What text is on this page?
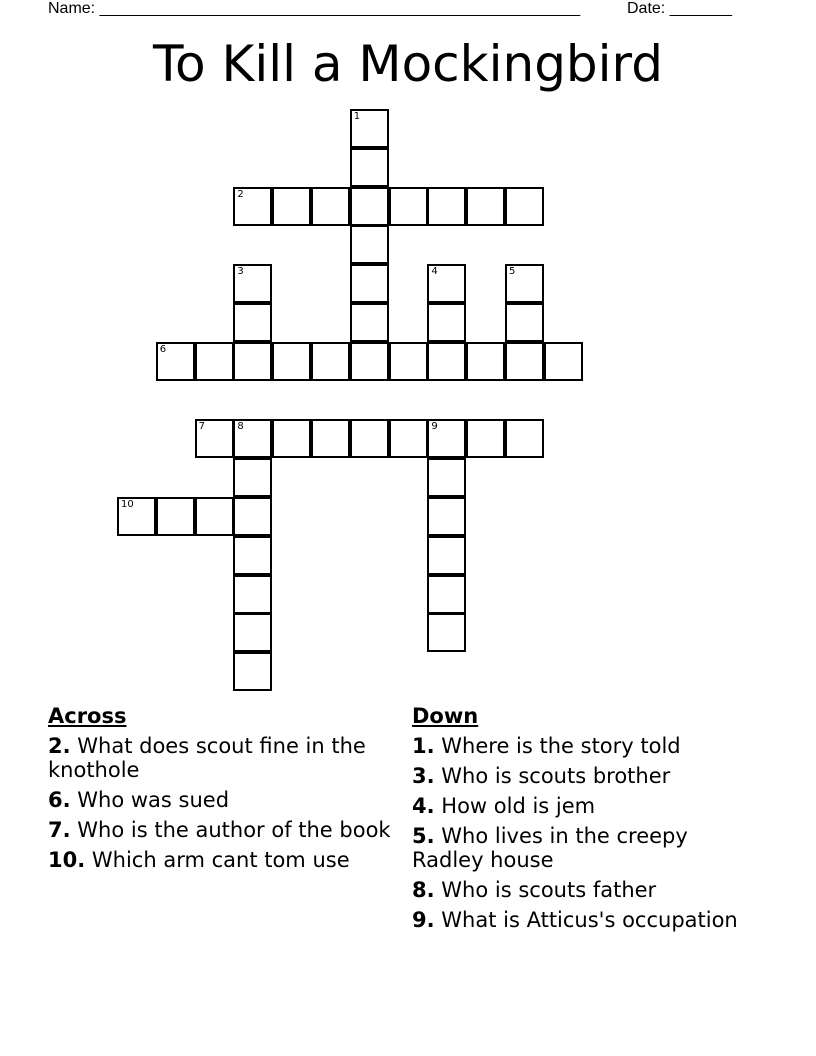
Name: ______________________________________________________	Date: _______
To Kill a Mockingbird
1
2
3	4	5
6
7	8	9
10
Across
2. What does scout fine in the knothole
6. Who was sued
7. Who is the author of the book
10. Which arm cant tom use
Down
1. Where is the story told
3. Who is scouts brother
4. How old is jem
5. Who lives in the creepy Radley house
8. Who is scouts father
9. What is Atticus's occupation
